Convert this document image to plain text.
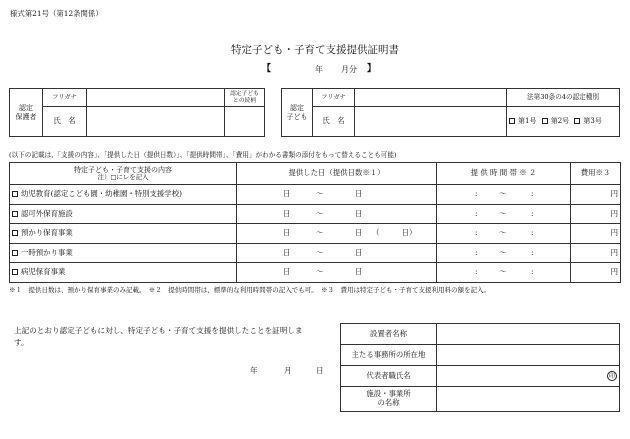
様式第21号（第12条関係）
特定子ども・子育て支援提供証明書
【	年 月分 】
認定
保護者	フリガナ		認定子ども
との続柄
	氏　名		
認定
子ども	フリガナ		法第30条の4の認定種別
	氏　名		第1号 第2号 第3号
(以下の記載は、「支援の内容」、「提供した日（提供日数）」、「提供時間帯」、「費用」がわかる書類の添付をもって替えることも可能)
特定子ども・子育て支援の内容
注）□にレを記入	提供した日（提供日数※１）	提 供 時 間 帯 ※ ２	費用※３
幼児教育(認定こども園・幼稚園・特別支援学校)	日 ～ 日	: ～ :	円
認可外保育施設	日 ～ 日	: ～ :	円
預かり保育事業	日 ～ 日 （　　　日）	: ～ :	円
一時預かり事業	日 ～ 日	: ～ :	円
病児保育事業	日 ～ 日	: ～ :	円
※１　提供日数は、預かり保育事業のみ記載。　※２　提供時間帯は、標準的な利用時間帯の記入でも可。　※３　費用は特定子ども・子育て支援利用料の額を記入。
上記のとおり認定子どもに対し、特定子ども・子育て支援を提供したことを証明します。
年	月	日
設置者名称	
主たる事務所の所在地	
代表者職氏名	印
施設・事業所
の名称	
